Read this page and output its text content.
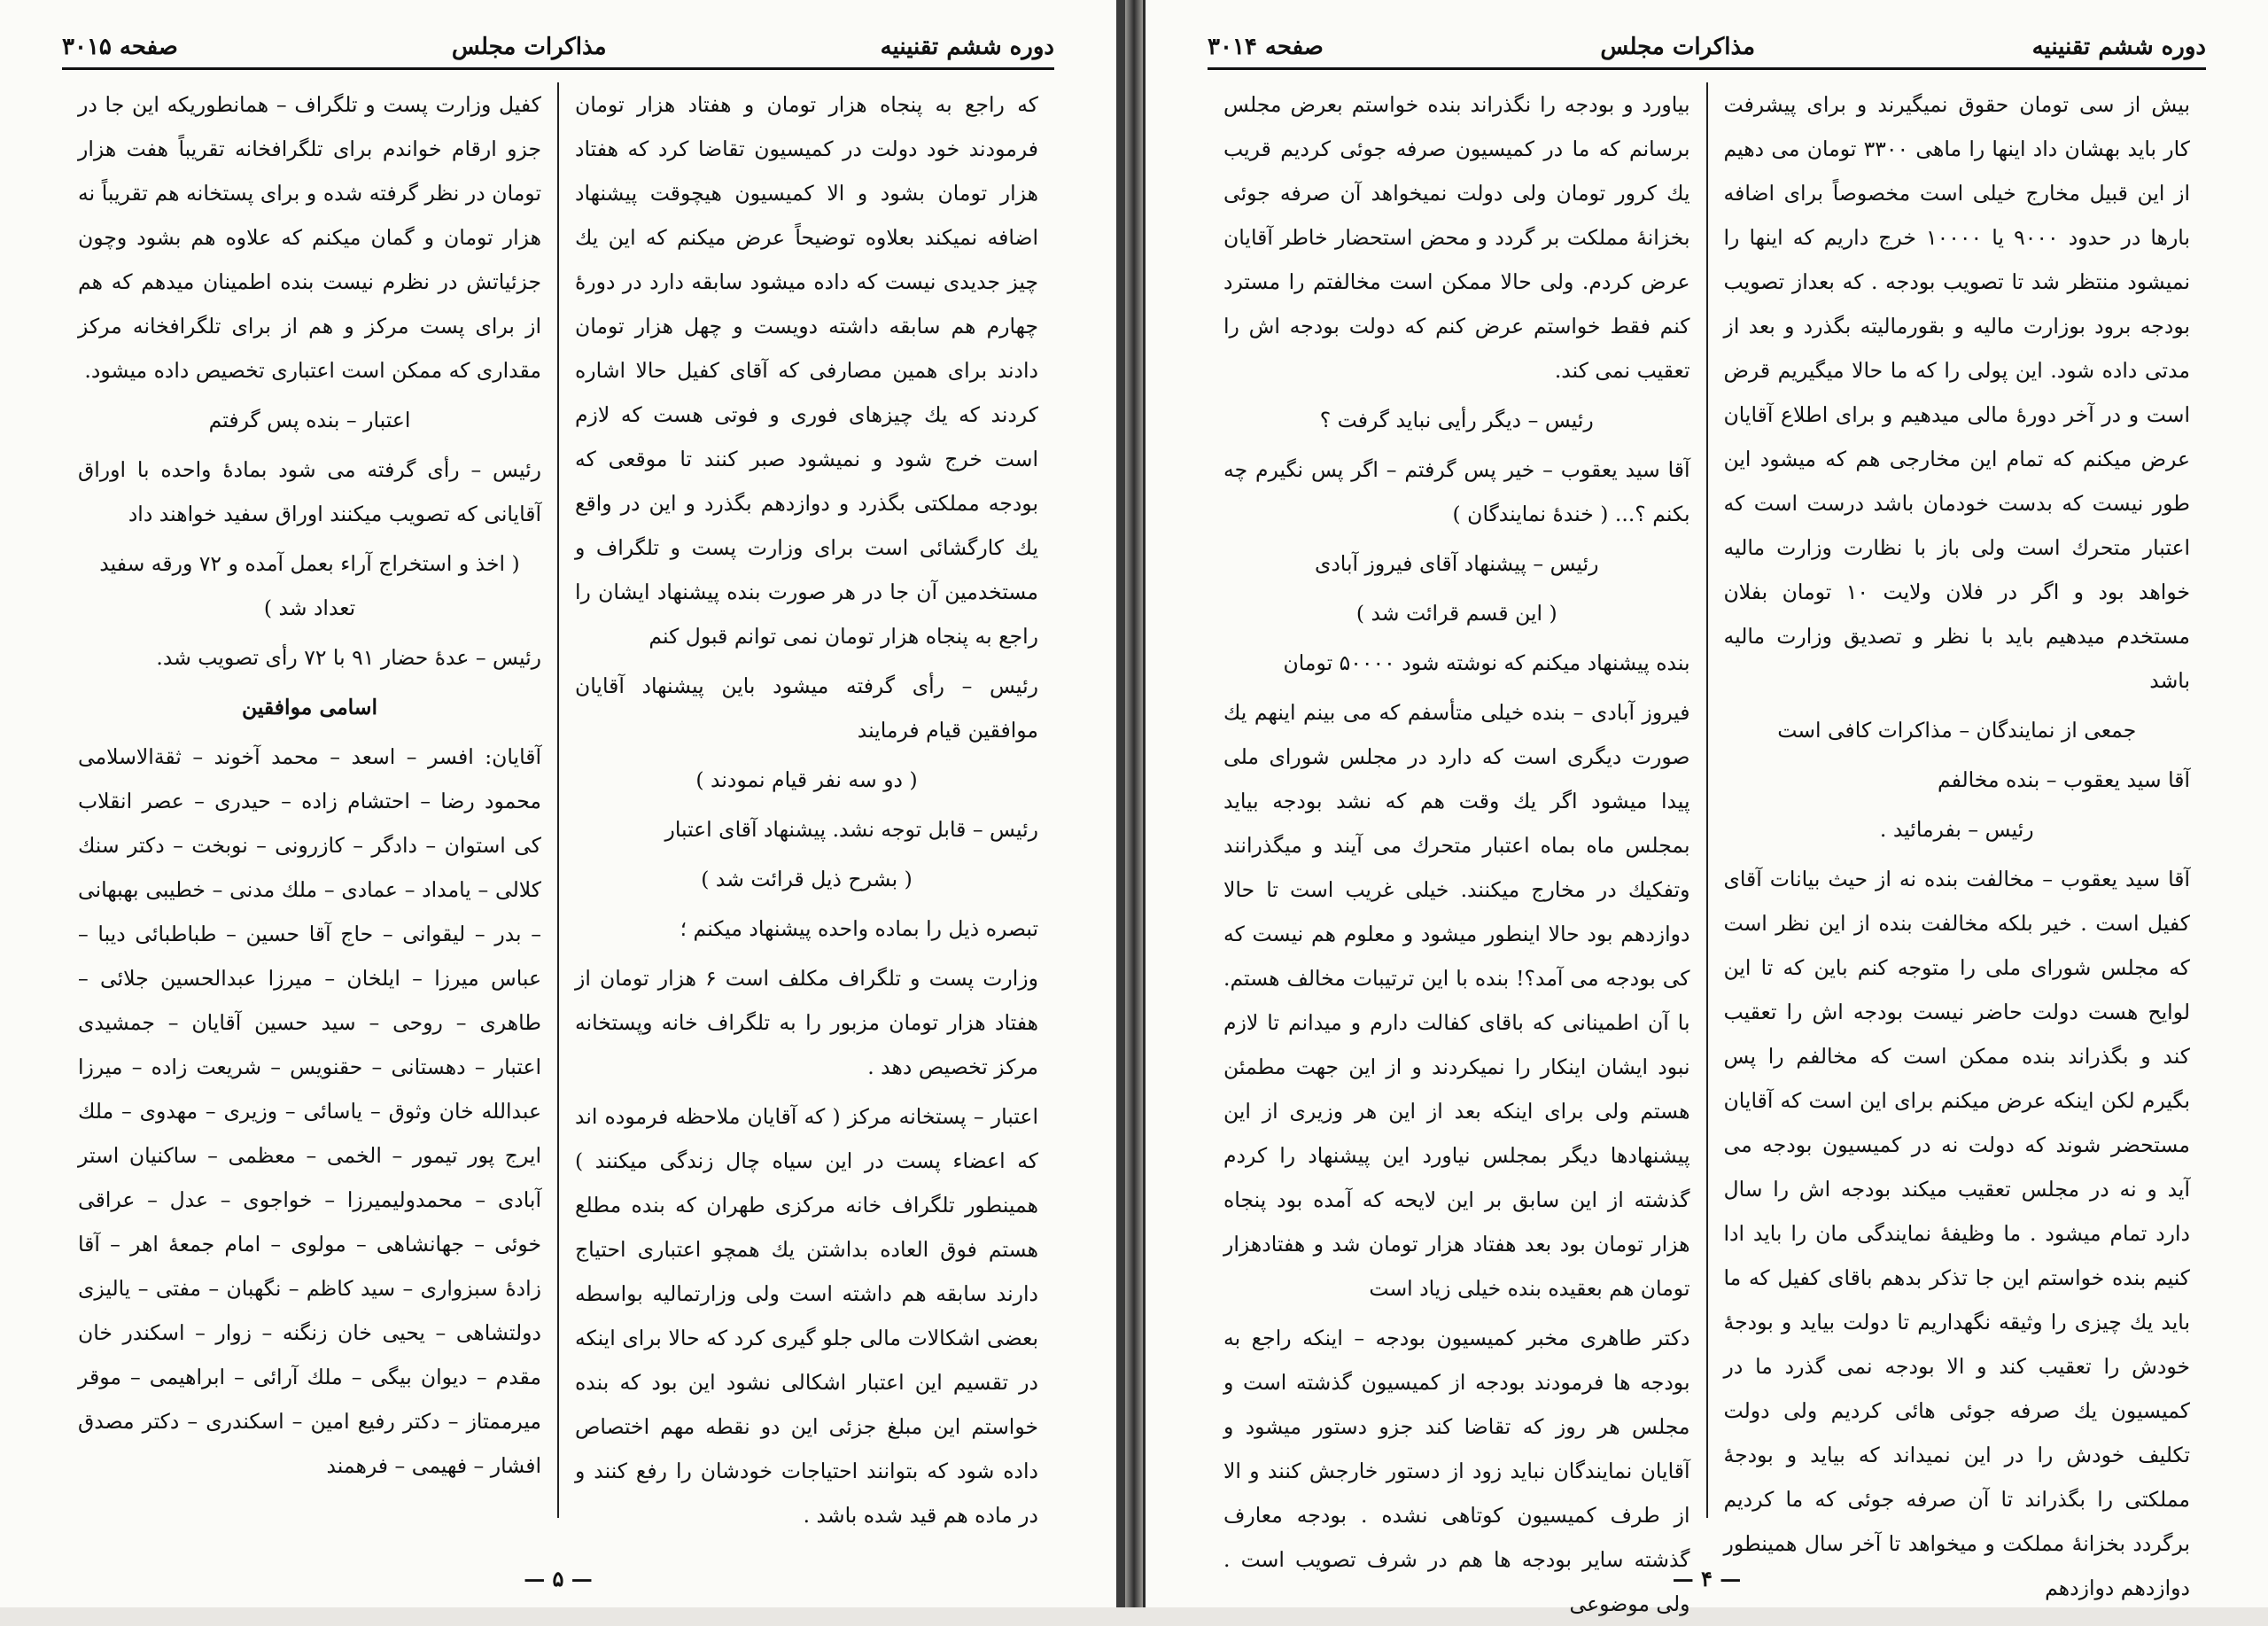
دوره ششم تقنینیه
مذاکرات مجلس
صفحه ۳۰۱۴

بیش از سی تومان حقوق نمیگیرند و برای پیشرفت کار باید بهشان داد اینها را ماهی ۳۳۰۰ تومان می دهیم از این قبیل مخارج خیلی است مخصوصاً برای اضافه بارها در حدود ۹۰۰۰ یا ۱۰۰۰۰ خرج داریم که اینها را نمیشود منتظر شد تا تصویب بودجه . که بعداز تصویب بودجه برود بوزارت مالیه و بقورمالیته بگذرد و بعد از مدتی داده شود. این پولی را که ما حالا میگیریم قرض است و در آخر دورهٔ مالی میدهیم و برای اطلاع آقایان عرض میکنم که تمام این مخارجی هم که میشود این طور نیست که بدست خودمان باشد درست است که اعتبار متحرك است ولی باز با نظارت وزارت مالیه خواهد بود و اگر در فلان ولایت ۱۰ تومان بفلان مستخدم میدهیم باید با نظر و تصدیق وزارت مالیه باشد

جمعی از نمایندگان – مذاکرات کافی است

آقا سید یعقوب – بنده مخالفم

رئیس – بفرمائید .

آقا سید یعقوب – مخالفت بنده نه از حیث بیانات آقای کفیل است . خیر بلکه مخالفت بنده از این نظر است که مجلس شورای ملی را متوجه کنم باین که تا این لوایح هست دولت حاضر نیست بودجه اش را تعقیب کند و بگذراند بنده ممکن است که مخالفم را پس بگیرم لکن اینکه عرض میکنم برای این است که آقایان مستحضر شوند که دولت نه در کمیسیون بودجه می آید و نه در مجلس تعقیب میکند بودجه اش را سال دارد تمام میشود . ما وظیفهٔ نمایندگی مان را باید ادا کنیم بنده خواستم این جا تذکر بدهم باقای کفیل که ما باید یك چیزی را وثیقه نگهداریم تا دولت بیاید و بودجهٔ خودش را تعقیب کند و الا بودجه نمی گذرد ما در کمیسیون یك صرفه جوئی هائی کردیم ولی دولت تکلیف خودش را در این نمیداند که بیاید و بودجهٔ مملکتی را بگذراند تا آن صرفه جوئی که ما کردیم برگردد بخزانهٔ مملکت و میخواهد تا آخر سال همینطور دوازدهم دوازدهم

بیاورد و بودجه را نگذراند بنده خواستم بعرض مجلس برسانم که ما در کمیسیون صرفه جوئی کردیم قریب یك کرور تومان ولی دولت نمیخواهد آن صرفه جوئی بخزانهٔ مملکت بر گردد و محض استحضار خاطر آقایان عرض کردم. ولی حالا ممکن است مخالفتم را مسترد کنم فقط خواستم عرض کنم که دولت بودجه اش را تعقیب نمی کند.

رئیس – دیگر رأیی نباید گرفت ؟

آقا سید یعقوب – خیر پس گرفتم – اگر پس نگیرم چه بکنم ؟... ( خندهٔ نمایندگان )

رئیس – پیشنهاد آقای فیروز آبادی

( این قسم قرائت شد )

بنده پیشنهاد میکنم که نوشته شود ۵۰۰۰۰ تومان

فیروز آبادی – بنده خیلی متأسفم که می بینم اینهم یك صورت دیگری است که دارد در مجلس شورای ملی پیدا میشود اگر یك وقت هم که نشد بودجه بیاید بمجلس ماه بماه اعتبار متحرك می آیند و میگذرانند وتفکیك در مخارج میکنند. خیلی غریب است تا حالا دوازدهم بود حالا اینطور میشود و معلوم هم نیست که کی بودجه می آمد؟! بنده با این ترتیبات مخالف هستم. با آن اطمینانی که باقای کفالت دارم و میدانم تا لازم نبود ایشان اینکار را نمیکردند و از این جهت مطمئن هستم ولی برای اینکه بعد از این هر وزیری از این پیشنهادها دیگر بمجلس نیاورد این پیشنهاد را کردم گذشته از این سابق بر این لایحه که آمده بود پنجاه هزار تومان بود بعد هفتاد هزار تومان شد و هفتادهزار تومان هم بعقیده بنده خیلی زیاد است

دکتر طاهری مخبر کمیسیون بودجه – اینکه راجع به بودجه ها فرمودند بودجه از کمیسیون گذشته است و مجلس هر روز که تقاضا کند جزو دستور میشود و آقایان نمایندگان نباید زود از دستور خارجش کنند و الا از طرف کمیسیون کوتاهی نشده . بودجه معارف گذشته سایر بودجه ها هم در شرف تصویب است . ولی موضوعی

— ۴ —
دوره ششم تقنینیه
مذاکرات مجلس
صفحه ۳۰۱۵

که راجع به پنجاه هزار تومان و هفتاد هزار تومان فرمودند خود دولت در کمیسیون تقاضا کرد که هفتاد هزار تومان بشود و الا کمیسیون هیچوقت پیشنهاد اضافه نمیکند بعلاوه توضیحاً عرض میکنم که این یك چیز جدیدی نیست که داده میشود سابقه دارد در دورهٔ چهارم هم سابقه داشته دویست و چهل هزار تومان دادند برای همین مصارفی که آقای کفیل حالا اشاره کردند که یك چیزهای فوری و فوتی هست که لازم است خرج شود و نمیشود صبر کنند تا موقعی که بودجه مملکتی بگذرد و دوازدهم بگذرد و این در واقع یك کارگشائی است برای وزارت پست و تلگراف و مستخدمین آن جا در هر صورت بنده پیشنهاد ایشان را راجع به پنجاه هزار تومان نمی توانم قبول کنم

رئیس – رأی گرفته میشود باین پیشنهاد آقایان موافقین قیام فرمایند

( دو سه نفر قیام نمودند )

رئیس – قابل توجه نشد. پیشنهاد آقای اعتبار

( بشرح ذیل قرائت شد )

تبصره ذیل را بماده واحده پیشنهاد میکنم ؛

وزارت پست و تلگراف مکلف است ۶ هزار تومان از هفتاد هزار تومان مزبور را به تلگراف خانه وپستخانه مرکز تخصیص دهد .

اعتبار – پستخانه مرکز ( که آقایان ملاحظه فرموده اند که اعضاء پست در این سیاه چال زندگی میکنند ) همینطور تلگراف خانه مرکزی طهران که بنده مطلع هستم فوق العاده بداشتن یك همچو اعتباری احتیاج دارند سابقه هم داشته است ولی وزارتمالیه بواسطه بعضی اشکالات مالی جلو گیری کرد که حالا برای اینکه در تقسیم این اعتبار اشکالی نشود این بود که بنده خواستم این مبلغ جزئی این دو نقطه مهم اختصاص داده شود که بتوانند احتیاجات خودشان را رفع کنند و در ماده هم قید شده باشد .

کفیل وزارت پست و تلگراف – همانطوریکه این جا در جزو ارقام خواندم برای تلگرافخانه تقریباً هفت هزار تومان در نظر گرفته شده و برای پستخانه هم تقریباً نه هزار تومان و گمان میکنم که علاوه هم بشود وچون جزئیاتش در نظرم نیست بنده اطمینان میدهم که هم از برای پست مرکز و هم از برای تلگرافخانه مرکز مقداری که ممکن است اعتباری تخصیص داده میشود.

اعتبار – بنده پس گرفتم

رئیس – رأی گرفته می شود بمادهٔ واحده با اوراق آقایانی که تصویب میکنند اوراق سفید خواهند داد

( اخذ و استخراج آراء بعمل آمده و ۷۲ ورقه سفید تعداد شد )

رئیس – عدهٔ حضار ۹۱ با ۷۲ رأی تصویب شد.

اسامی موافقین

آقایان: افسر – اسعد – محمد آخوند – ثقةالاسلامی محمود رضا – احتشام زاده – حیدری – عصر انقلاب کی استوان – دادگر – کازرونی – نوبخت – دکتر سنك کلالی – یامداد – عمادی – ملك مدنی – خطیبی بهبهانی – بدر – لیقوانی – حاج آقا حسین – طباطبائی دیبا – عباس میرزا – ایلخان – میرزا عبدالحسین جلائی – طاهری – روحی – سید حسین آقایان – جمشیدی اعتبار – دهستانی – حقنویس – شریعت زاده – میرزا عبدالله خان وثوق – یاسائی – وزیری – مهدوی – ملك ایرج پور تیمور – الخمی – معظمی – ساکنیان استر آبادی – محمدولیمیرزا – خواجوی – عدل – عراقی خوئی – جهانشاهی – مولوی – امام جمعهٔ اهر – آقا زادهٔ سبزواری – سید کاظم – نگهبان – مفتی – یالیزی دولتشاهی – یحیی خان زنگنه – زوار – اسکندر خان مقدم – دیوان بیگی – ملك آرائی – ابراهیمی – موقر میرممتاز – دکتر رفیع امین – اسکندری – دکتر مصدق افشار – فهیمی – فرهمند

— ۵ —
